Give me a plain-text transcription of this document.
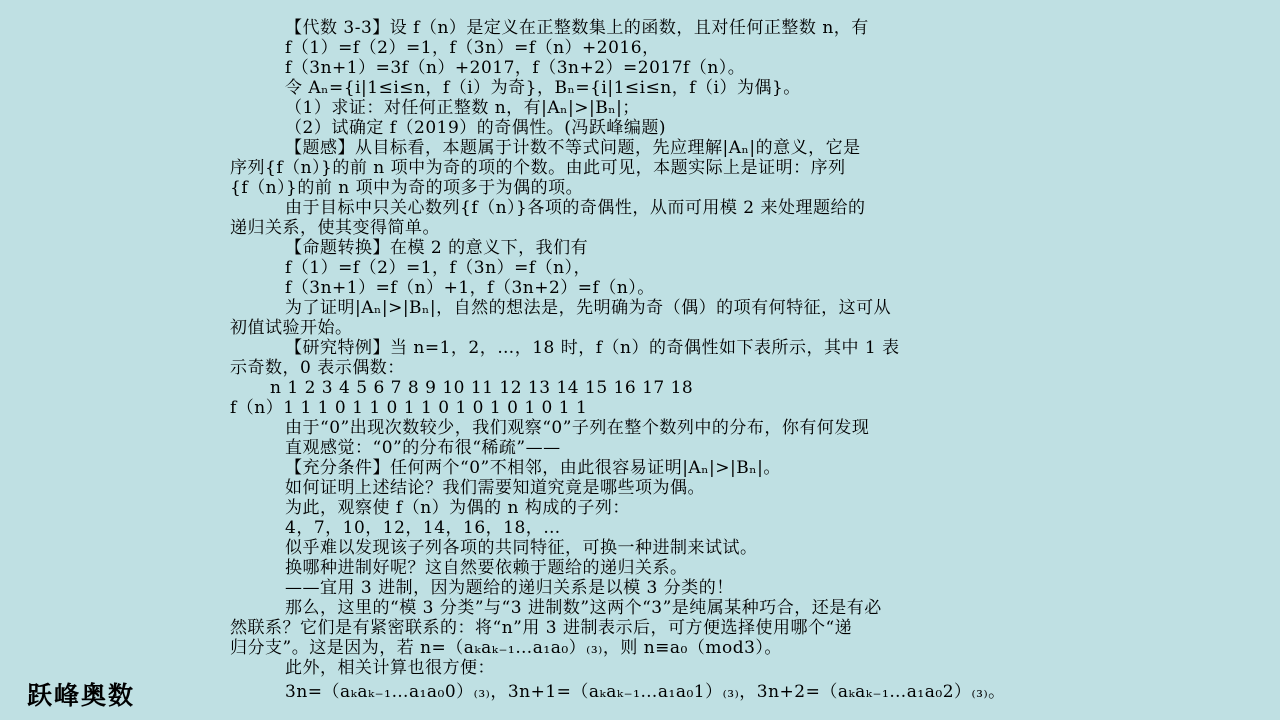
【代数 3-3】设 f（n）是定义在正整数集上的函数，且对任何正整数 n，有
f（1）=f（2）=1，f（3n）=f（n）+2016，
f（3n+1）=3f（n）+2017，f（3n+2）=2017f（n）。
令 Aₙ={i|1≤i≤n，f（i）为奇}，Bₙ={i|1≤i≤n，f（i）为偶}。
（1）求证：对任何正整数 n，有|Aₙ|>|Bₙ|；
（2）试确定 f（2019）的奇偶性。(冯跃峰编题)
【题感】从目标看，本题属于计数不等式问题，先应理解|Aₙ|的意义，它是
序列{f（n）}的前 n 项中为奇的项的个数。由此可见，本题实际上是证明：序列
{f（n）}的前 n 项中为奇的项多于为偶的项。
由于目标中只关心数列{f（n）}各项的奇偶性，从而可用模 2 来处理题给的
递归关系，使其变得简单。
【命题转换】在模 2 的意义下，我们有
f（1）=f（2）=1，f（3n）=f（n），
f（3n+1）=f（n）+1，f（3n+2）=f（n）。
为了证明|Aₙ|>|Bₙ|，自然的想法是，先明确为奇（偶）的项有何特征，这可从
初值试验开始。
【研究特例】当 n=1，2，…，18 时，f（n）的奇偶性如下表所示，其中 1 表
示奇数，0 表示偶数：
n 1 2 3 4 5 6 7 8 9 10 11 12 13 14 15 16 17 18
f（n）1 1 1 0 1 1 0 1 1 0 1 0 1 0 1 0 1 1
由于“0”出现次数较少，我们观察“0”子列在整个数列中的分布，你有何发现
直观感觉：“0”的分布很“稀疏”——
【充分条件】任何两个“0”不相邻，由此很容易证明|Aₙ|>|Bₙ|。
如何证明上述结论？我们需要知道究竟是哪些项为偶。
为此，观察使 f（n）为偶的 n 构成的子列：
4，7，10，12，14，16，18，…
似乎难以发现该子列各项的共同特征，可换一种进制来试试。
换哪种进制好呢？这自然要依赖于题给的递归关系。
——宜用 3 进制，因为题给的递归关系是以模 3 分类的！
那么，这里的“模 3 分类”与“3 进制数”这两个“3”是纯属某种巧合，还是有必
然联系？它们是有紧密联系的：将“n”用 3 进制表示后，可方便选择使用哪个“递
归分支”。这是因为，若 n=（aₖaₖ₋₁…a₁a₀）₍₃₎，则 n≡a₀（mod3）。
此外，相关计算也很方便：
3n=（aₖaₖ₋₁…a₁a₀0）₍₃₎，3n+1=（aₖaₖ₋₁…a₁a₀1）₍₃₎，3n+2=（aₖaₖ₋₁…a₁a₀2）₍₃₎。
跃峰奥数
